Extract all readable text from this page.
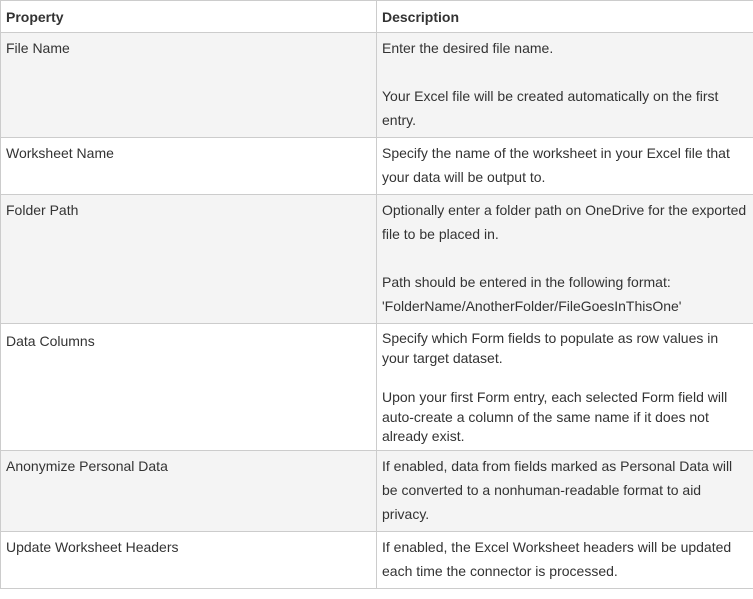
Property	Description
File Name	Enter the desired file name.
Your Excel file will be created automatically on the first entry.

Worksheet Name	Specify the name of the worksheet in your Excel file that your data will be output to.

Folder Path	Optionally enter a folder path on OneDrive for the exported file to be placed in.
Path should be entered in the following format: 'FolderName/AnotherFolder/FileGoesInThisOne'

Data Columns	Specify which Form fields to populate as row values in your target dataset.
Upon your first Form entry, each selected Form field will auto-create a column of the same name if it does not already exist.

Anonymize Personal Data	If enabled, data from fields marked as Personal Data will be converted to a nonhuman-readable format to aid privacy.

Update Worksheet Headers	If enabled, the Excel Worksheet headers will be updated each time the connector is processed.
